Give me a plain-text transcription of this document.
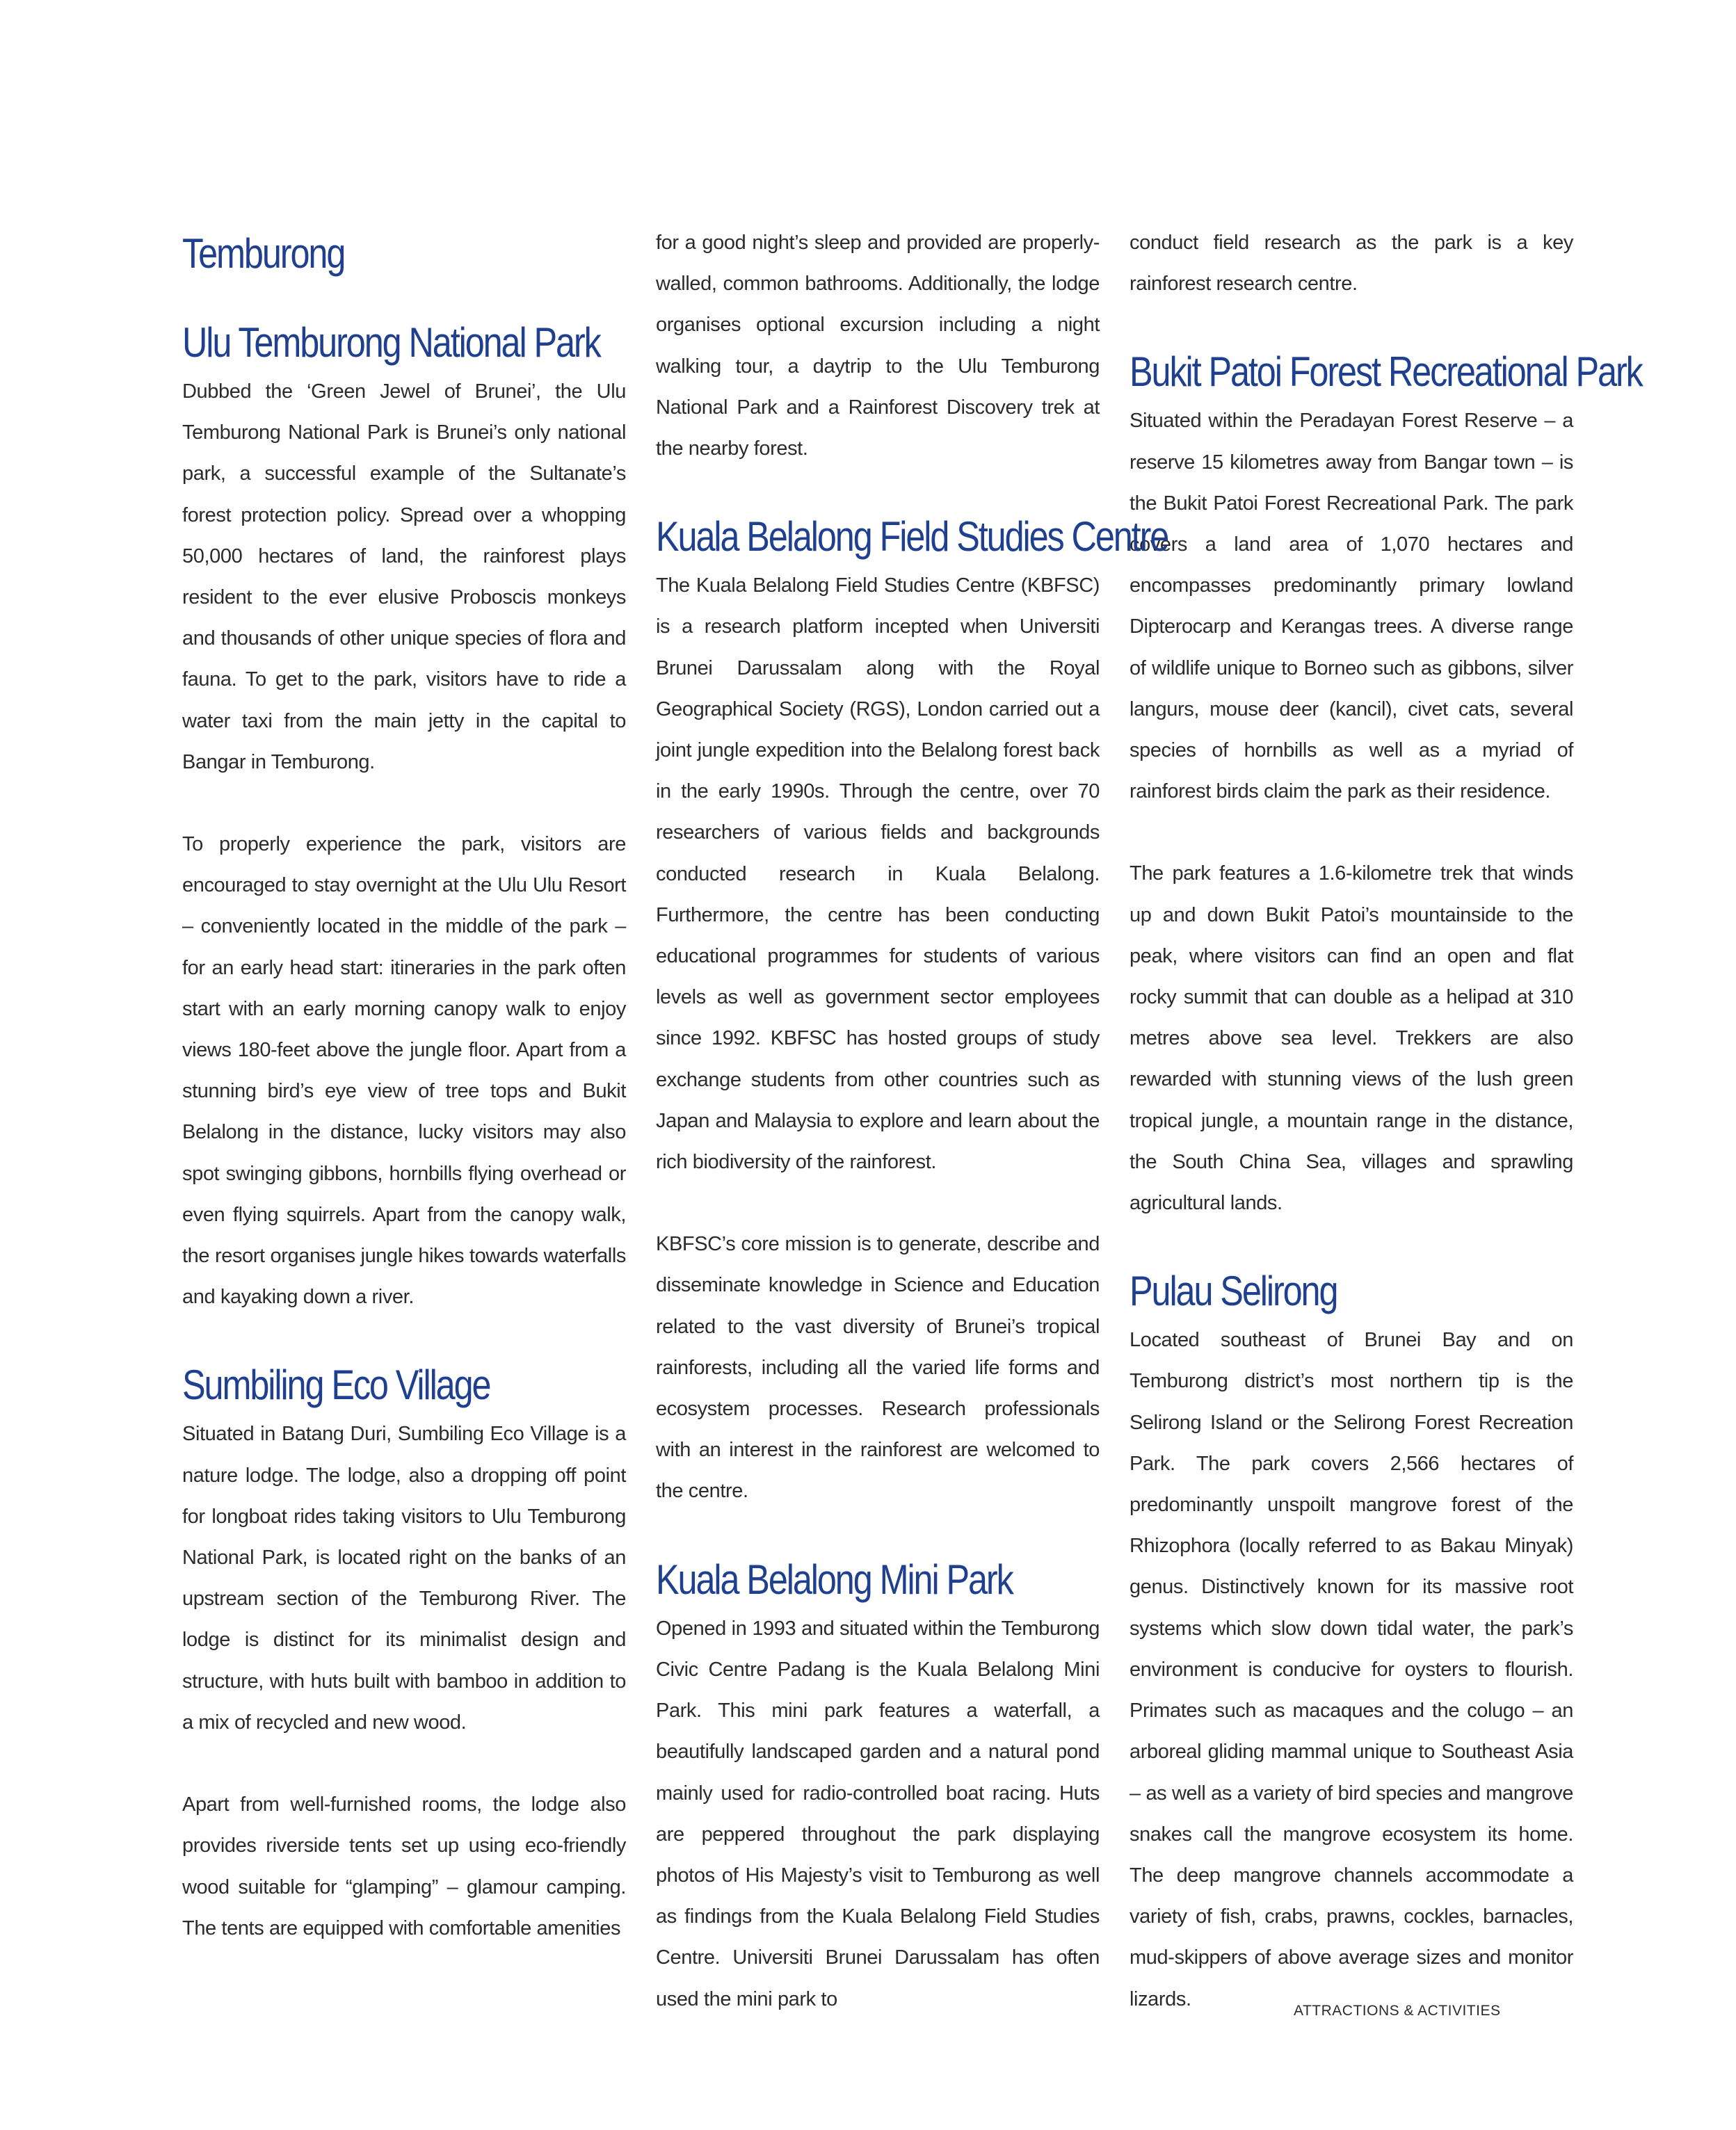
Temburong
Ulu Temburong National Park

Dubbed the ‘Green Jewel of Brunei’, the Ulu Temburong National Park is Brunei’s only national park, a successful example of the Sultanate’s forest protection policy. Spread over a whopping 50,000 hectares of land, the rainforest plays resident to the ever elusive Proboscis monkeys and thousands of other unique species of flora and fauna. To get to the park, visitors have to ride a water taxi from the main jetty in the capital to Bangar in Temburong.

To properly experience the park, visitors are encouraged to stay overnight at the Ulu Ulu Resort – conveniently located in the middle of the park – for an early head start: itineraries in the park often start with an early morning canopy walk to enjoy views 180-feet above the jungle floor. Apart from a stunning bird’s eye view of tree tops and Bukit Belalong in the distance, lucky visitors may also spot swinging gibbons, hornbills flying overhead or even flying squirrels. Apart from the canopy walk, the resort organises jungle hikes towards waterfalls and kayaking down a river.

Sumbiling Eco Village

Situated in Batang Duri, Sumbiling Eco Village is a nature lodge. The lodge, also a dropping off point for longboat rides taking visitors to Ulu Temburong National Park, is located right on the banks of an upstream section of the Temburong River. The lodge is distinct for its minimalist design and structure, with huts built with bamboo in addition to a mix of recycled and new wood.

Apart from well-furnished rooms, the lodge also provides riverside tents set up using eco-friendly wood suitable for “glamping” – glamour camping. The tents are equipped with comfortable amenities

for a good night’s sleep and provided are properly-walled, common bathrooms. Additionally, the lodge organises optional excursion including a night walking tour, a daytrip to the Ulu Temburong National Park and a Rainforest Discovery trek at the nearby forest.

Kuala Belalong Field Studies Centre

The Kuala Belalong Field Studies Centre (KBFSC) is a research platform incepted when Universiti Brunei Darussalam along with the Royal Geographical Society (RGS), London carried out a joint jungle expedition into the Belalong forest back in the early 1990s. Through the centre, over 70 researchers of various fields and backgrounds conducted research in Kuala Belalong. Furthermore, the centre has been conducting educational programmes for students of various levels as well as government sector employees since 1992. KBFSC has hosted groups of study exchange students from other countries such as Japan and Malaysia to explore and learn about the rich biodiversity of the rainforest.

KBFSC’s core mission is to generate, describe and disseminate knowledge in Science and Education related to the vast diversity of Brunei’s tropical rainforests, including all the varied life forms and ecosystem processes. Research professionals with an interest in the rainforest are welcomed to the centre.

Kuala Belalong Mini Park

Opened in 1993 and situated within the Temburong Civic Centre Padang is the Kuala Belalong Mini Park. This mini park features a waterfall, a beautifully landscaped garden and a natural pond mainly used for radio-controlled boat racing. Huts are peppered throughout the park displaying photos of His Majesty’s visit to Temburong as well as findings from the Kuala Belalong Field Studies Centre. Universiti Brunei Darussalam has often used the mini park to

conduct field research as the park is a key rainforest research centre.

Bukit Patoi Forest Recreational Park

Situated within the Peradayan Forest Reserve – a reserve 15 kilometres away from Bangar town – is the Bukit Patoi Forest Recreational Park. The park covers a land area of 1,070 hectares and encompasses predominantly primary lowland Dipterocarp and Kerangas trees. A diverse range of wildlife unique to Borneo such as gibbons, silver langurs, mouse deer (kancil), civet cats, several species of hornbills as well as a myriad of rainforest birds claim the park as their residence.

The park features a 1.6-kilometre trek that winds up and down Bukit Patoi’s mountainside to the peak, where visitors can find an open and flat rocky summit that can double as a helipad at 310 metres above sea level. Trekkers are also rewarded with stunning views of the lush green tropical jungle, a mountain range in the distance, the South China Sea, villages and sprawling agricultural lands.

Pulau Selirong

Located southeast of Brunei Bay and on Temburong district’s most northern tip is the Selirong Island or the Selirong Forest Recreation Park. The park covers 2,566 hectares of predominantly unspoilt mangrove forest of the Rhizophora (locally referred to as Bakau Minyak) genus. Distinctively known for its massive root systems which slow down tidal water, the park’s environment is conducive for oysters to flourish. Primates such as macaques and the colugo – an arboreal gliding mammal unique to Southeast Asia – as well as a variety of bird species and mangrove snakes call the mangrove ecosystem its home. The deep mangrove channels accommodate a variety of fish, crabs, prawns, cockles, barnacles, mud-skippers of above average sizes and monitor lizards.

ATTRACTIONS & ACTIVITIES
